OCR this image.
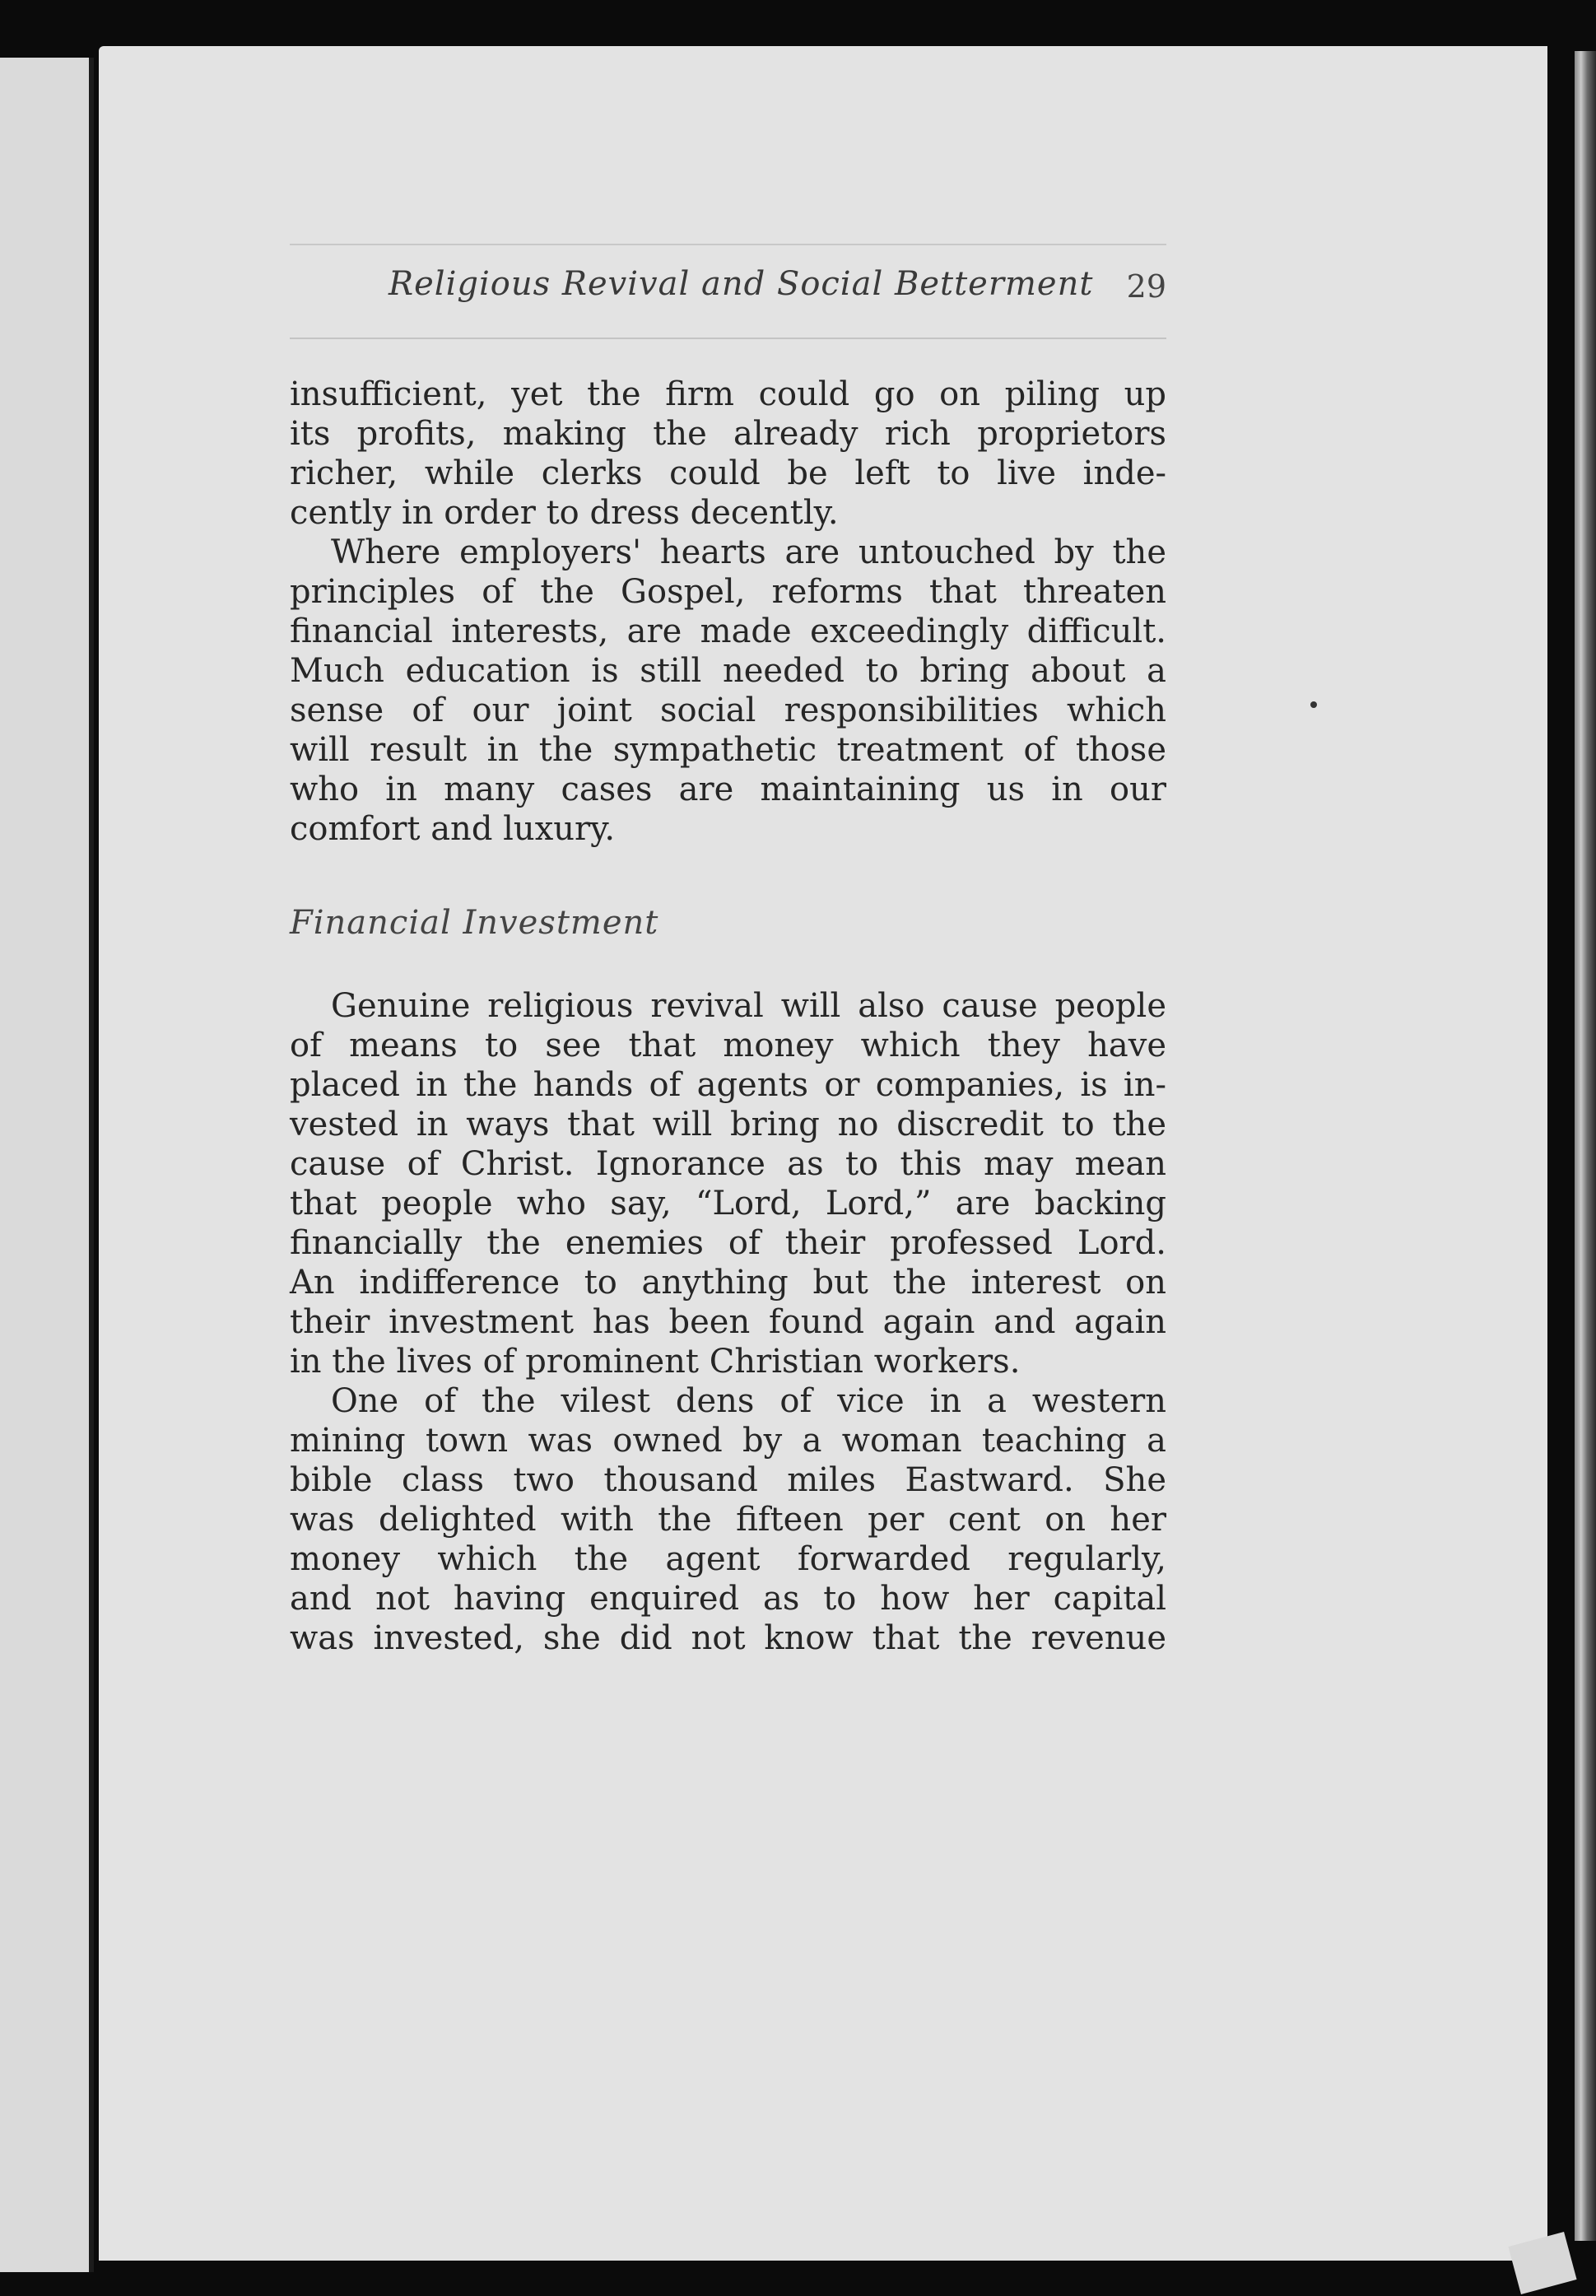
Religious Revival and Social Betterment 29
insufficient, yet the firm could go on piling up
its profits, making the already rich proprietors
richer, while clerks could be left to live inde-
cently in order to dress decently.
Where employers' hearts are untouched by the
principles of the Gospel, reforms that threaten
financial interests, are made exceedingly difficult.
Much education is still needed to bring about a
sense of our joint social responsibilities which
will result in the sympathetic treatment of those
who in many cases are maintaining us in our
comfort and luxury.
Financial Investment
Genuine religious revival will also cause people
of means to see that money which they have
placed in the hands of agents or companies, is in-
vested in ways that will bring no discredit to the
cause of Christ. Ignorance as to this may mean
that people who say, “Lord, Lord,” are backing
financially the enemies of their professed Lord.
An indifference to anything but the interest on
their investment has been found again and again
in the lives of prominent Christian workers.
One of the vilest dens of vice in a western
mining town was owned by a woman teaching a
bible class two thousand miles Eastward. She
was delighted with the fifteen per cent on her
money which the agent forwarded regularly,
and not having enquired as to how her capital
was invested, she did not know that the revenue
